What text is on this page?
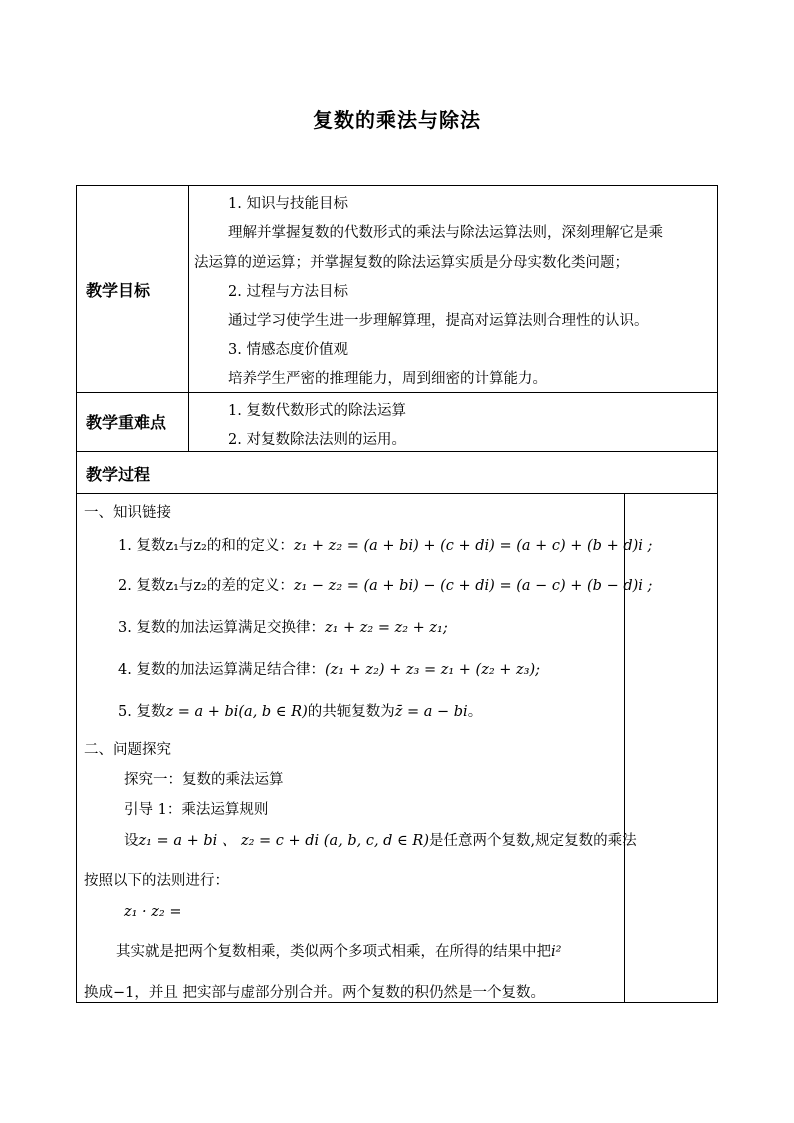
复数的乘法与除法
教学目标
1. 知识与技能目标
理解并掌握复数的代数形式的乘法与除法运算法则，深刻理解它是乘
法运算的逆运算；并掌握复数的除法运算实质是分母实数化类问题；
2. 过程与方法目标
通过学习使学生进一步理解算理，提高对运算法则合理性的认识。
3. 情感态度价值观
培养学生严密的推理能力，周到细密的计算能力。
教学重难点
1. 复数代数形式的除法运算
2. 对复数除法法则的运用。
教学过程
一、知识链接
1. 复数z₁与z₂的和的定义：z₁ + z₂ = (a + bi) + (c + di) = (a + c) + (b + d)i ;
2. 复数z₁与z₂的差的定义：z₁ − z₂ = (a + bi) − (c + di) = (a − c) + (b − d)i ;
3. 复数的加法运算满足交换律：z₁ + z₂ = z₂ + z₁;
4. 复数的加法运算满足结合律：(z₁ + z₂) + z₃ = z₁ + (z₂ + z₃);
5. 复数z = a + bi(a, b ∈ R)的共轭复数为z̄ = a − bi。
二、问题探究
探究一：复数的乘法运算
引导 1：乘法运算规则
设z₁ = a + bi 、 z₂ = c + di (a, b, c, d ∈ R)是任意两个复数,规定复数的乘法
按照以下的法则进行：
z₁ · z₂ =
其实就是把两个复数相乘，类似两个多项式相乘，在所得的结果中把i²
换成−1，并且 把实部与虚部分别合并。两个复数的积仍然是一个复数。
